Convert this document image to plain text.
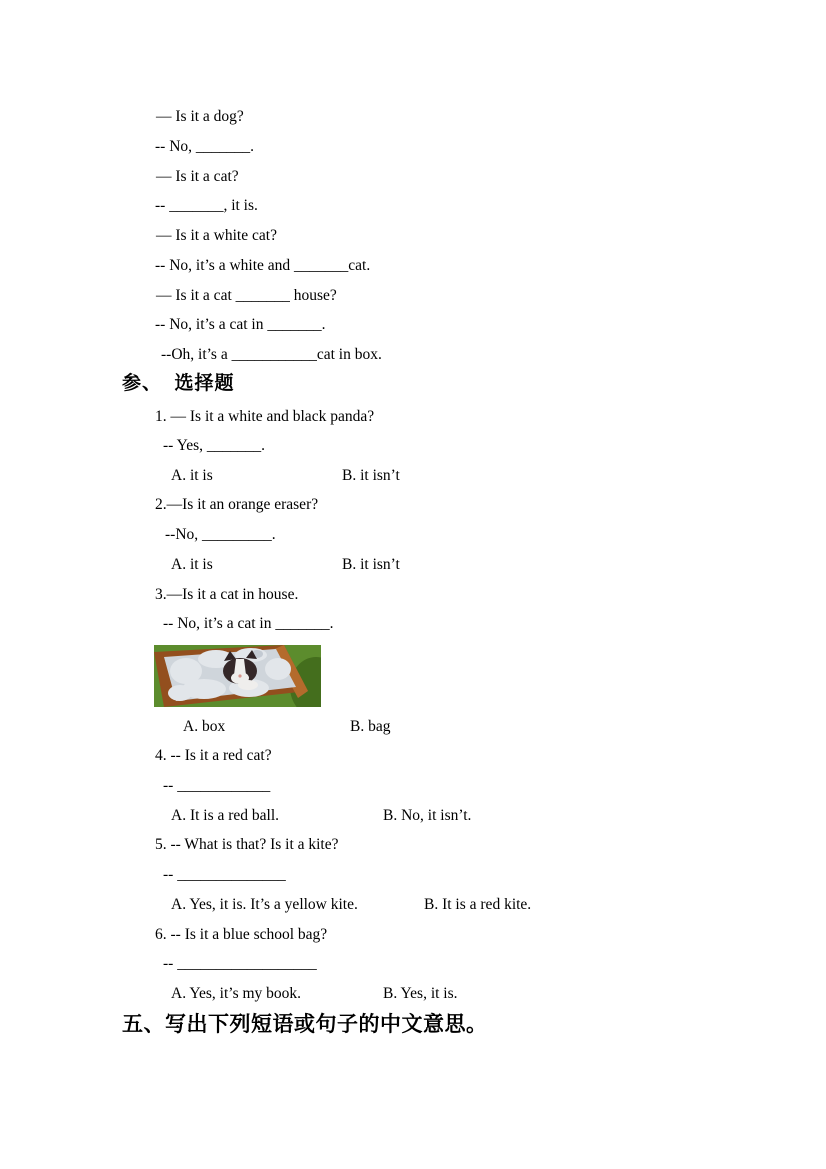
— Is it a dog?
-- No, _______.
— Is it a cat?
-- _______, it is.
— Is it a white cat?
-- No, it’s a white and _______cat.
— Is it a cat _______ house?
-- No, it’s a cat in _______.
--Oh, it’s a ___________cat in box.
参、  选择题
1. — Is it a white and black panda?
-- Yes, _______.
A. it is	B. it isn’t
2.—Is it an orange eraser?
--No, _________.
A. it is	B. it isn’t
3.—Is it a cat in house.
-- No, it’s a cat in _______.
A. box	B. bag
4. -- Is it a red cat?
-- ____________
A. It is a red ball.	B. No, it isn’t.
5. -- What is that? Is it a kite?
-- ______________
A. Yes, it is. It’s a yellow kite.	B. It is a red kite.
6. -- Is it a blue school bag?
-- __________________
A. Yes, it’s my book.	B. Yes, it is.
五、写出下列短语或句子的中文意思。
